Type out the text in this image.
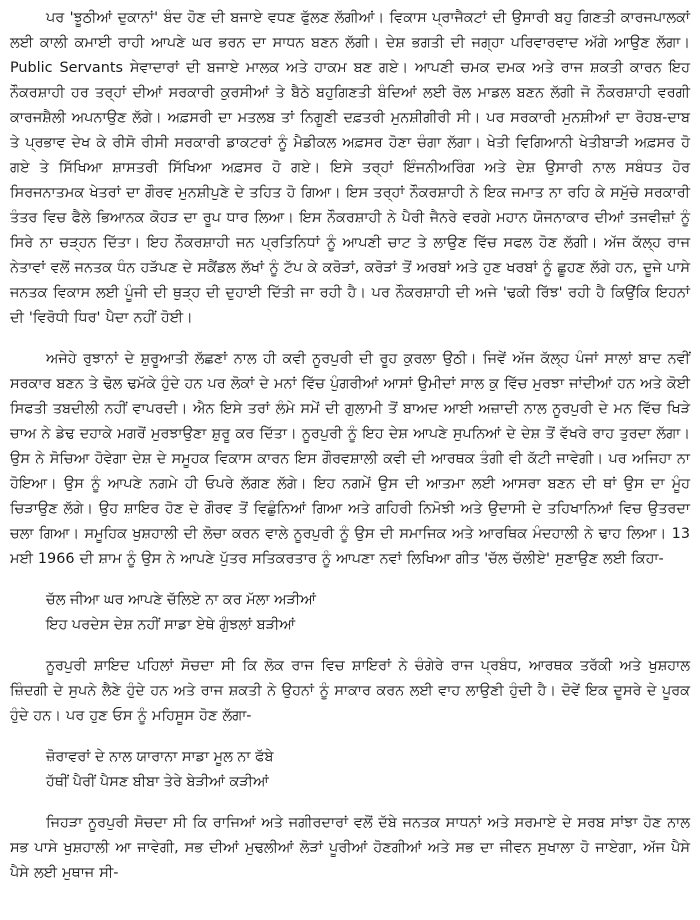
ਪਰ 'ਝੂਠੀਆਂ ਦੁਕਾਨਾਂ' ਬੰਦ ਹੋਣ ਦੀ ਬਜਾਏ ਵਧਣ ਫੁੱਲਣ ਲੱਗੀਆਂ। ਵਿਕਾਸ ਪ੍ਰਾਜੈਕਟਾਂ ਦੀ ਉਸਾਰੀ ਬਹੁ ਗਿਣਤੀ ਕਾਰਜਪਾਲਕਾਂ ਲਈ ਕਾਲੀ ਕਮਾਈ ਰਾਹੀ ਆਪਣੇ ਘਰ ਭਰਨ ਦਾ ਸਾਧਨ ਬਣਨ ਲੱਗੀ। ਦੇਸ਼ ਭਗਤੀ ਦੀ ਜਗ੍ਹਾ ਪਰਿਵਾਰਵਾਦ ਅੱਗੇ ਆਉਣ ਲੱਗਾ। Public Servants ਸੇਵਾਦਾਰਾਂ ਦੀ ਬਜਾਏ ਮਾਲਕ ਅਤੇ ਹਾਕਮ ਬਣ ਗਏ। ਆਪਣੀ ਚਮਕ ਦਮਕ ਅਤੇ ਰਾਜ ਸ਼ਕਤੀ ਕਾਰਨ ਇਹ ਨੌਕਰਸ਼ਾਹੀ ਹਰ ਤਰ੍ਹਾਂ ਦੀਆਂ ਸਰਕਾਰੀ ਕੁਰਸੀਆਂ ਤੇ ਬੈਠੇ ਬਹੁਗਿਣਤੀ ਬੰਦਿਆਂ ਲਈ ਰੋਲ ਮਾਡਲ ਬਣਨ ਲੱਗੀ ਜੋ ਨੌਕਰਸ਼ਾਹੀ ਵਰਗੀ ਕਾਰਜਸ਼ੈਲੀ ਅਪਨਾਉਣ ਲੱਗੇ। ਅਫ਼ਸਰੀ ਦਾ ਮਤਲਬ ਤਾਂ ਨਿਗੂਣੀ ਦਫ਼ਤਰੀ ਮੁਨਸ਼ੀਗੀਰੀ ਸੀ। ਪਰ ਸਰਕਾਰੀ ਮੁਨਸ਼ੀਆਂ ਦਾ ਰੋਹਬ-ਦਾਬ ਤੇ ਪ੍ਰਭਾਵ ਦੇਖ ਕੇ ਰੀਸੋ ਰੀਸੀ ਸਰਕਾਰੀ ਡਾਕਟਰਾਂ ਨੂੰ ਮੈਡੀਕਲ ਅਫ਼ਸਰ ਹੋਣਾ ਚੰਗਾ ਲੱਗਾ। ਖੇਤੀ ਵਿਗਿਆਨੀ ਖੇਤੀਬਾੜੀ ਅਫ਼ਸਰ ਹੋ ਗਏ ਤੇ ਸਿੱਖਿਆ ਸ਼ਾਸਤਰੀ ਸਿੱਖਿਆ ਅਫ਼ਸਰ ਹੋ ਗਏ। ਇਸੇ ਤਰ੍ਹਾਂ ਇੰਜਨੀਅਰਿੰਗ ਅਤੇ ਦੇਸ਼ ਉਸਾਰੀ ਨਾਲ ਸਬੰਧਤ ਹੋਰ ਸਿਰਜਨਾਤਮਕ ਖੇਤਰਾਂ ਦਾ ਗੌਰਵ ਮੁਨਸ਼ੀਪੁਣੇ ਦੇ ਤਹਿਤ ਹੋ ਗਿਆ। ਇਸ ਤਰ੍ਹਾਂ ਨੌਕਰਸ਼ਾਹੀ ਨੇ ਇਕ ਜਮਾਤ ਨਾ ਰਹਿ ਕੇ ਸਮੁੱਚੇ ਸਰਕਾਰੀ ਤੰਤਰ ਵਿਚ ਫੈਲੇ ਭਿਆਨਕ ਕੋਹੜ ਦਾ ਰੂਪ ਧਾਰ ਲਿਆ। ਇਸ ਨੌਕਰਸ਼ਾਹੀ ਨੇ ਪੈਰੀ ਜੈਨਰੇ ਵਰਗੇ ਮਹਾਨ ਯੋਜਨਾਕਾਰ ਦੀਆਂ ਤਜਵੀਜ਼ਾਂ ਨੂੰ ਸਿਰੇ ਨਾ ਚੜ੍ਹਨ ਦਿੱਤਾ। ਇਹ ਨੌਕਰਸ਼ਾਹੀ ਜਨ ਪ੍ਰਤਿਨਿਧਾਂ ਨੂੰ ਆਪਣੀ ਚਾਟ ਤੇ ਲਾਉਣ ਵਿੱਚ ਸਫਲ ਹੋਣ ਲੱਗੀ। ਅੱਜ ਕੱਲ੍ਹ ਰਾਜ ਨੇਤਾਵਾਂ ਵਲੋਂ ਜਨਤਕ ਧੰਨ ਹੜੱਪਣ ਦੇ ਸਕੈਂਡਲ ਲੱਖਾਂ ਨੂੰ ਟੱਪ ਕੇ ਕਰੋੜਾਂ, ਕਰੋੜਾਂ ਤੋਂ ਅਰਬਾਂ ਅਤੇ ਹੁਣ ਖਰਬਾਂ ਨੂੰ ਛੂਹਣ ਲੱਗੇ ਹਨ, ਦੂਜੇ ਪਾਸੇ ਜਨਤਕ ਵਿਕਾਸ ਲਈ ਪੂੰਜੀ ਦੀ ਥੁੜ੍ਹ ਦੀ ਦੁਹਾਈ ਦਿੱਤੀ ਜਾ ਰਹੀ ਹੈ। ਪਰ ਨੌਕਰਸ਼ਾਹੀ ਦੀ ਅਜੇ 'ਢਕੀ ਰਿੱਝ' ਰਹੀ ਹੈ ਕਿਉਂਕਿ ਇਹਨਾਂ ਦੀ 'ਵਿਰੋਧੀ ਧਿਰ' ਪੈਦਾ ਨਹੀਂ ਹੋਈ।

ਅਜੇਹੇ ਰੁਝਾਨਾਂ ਦੇ ਸ਼ੁਰੂਆਤੀ ਲੱਛਣਾਂ ਨਾਲ ਹੀ ਕਵੀ ਨੂਰਪੁਰੀ ਦੀ ਰੂਹ ਕੁਰਲਾ ਉਠੀ। ਜਿਵੇਂ ਅੱਜ ਕੱਲ੍ਹ ਪੰਜਾਂ ਸਾਲਾਂ ਬਾਦ ਨਵੀਂ ਸਰਕਾਰ ਬਣਨ ਤੇ ਢੋਲ ਢਮੱਕੇ ਹੁੰਦੇ ਹਨ ਪਰ ਲੋਕਾਂ ਦੇ ਮਨਾਂ ਵਿੱਚ ਪੁੰਗਰੀਆਂ ਆਸਾਂ ਉਮੀਦਾਂ ਸਾਲ ਕੁ ਵਿੱਚ ਮੁਰਝਾ ਜਾਂਦੀਆਂ ਹਨ ਅਤੇ ਕੋਈ ਸਿਫਤੀ ਤਬਦੀਲੀ ਨਹੀਂ ਵਾਪਰਦੀ। ਐਨ ਇਸੇ ਤਰਾਂ ਲੰਮੇ ਸਮੇਂ ਦੀ ਗੁਲਾਮੀ ਤੋਂ ਬਾਅਦ ਆਈ ਅਜ਼ਾਦੀ ਨਾਲ ਨੂਰਪੁਰੀ ਦੇ ਮਨ ਵਿੱਚ ਖਿੜੇ ਚਾਅ ਨੇ ਡੇਢ ਦਹਾਕੇ ਮਗਰੋਂ ਮੁਰਝਾਉਣਾ ਸ਼ੁਰੂ ਕਰ ਦਿੱਤਾ। ਨੂਰਪੁਰੀ ਨੂੰ ਇਹ ਦੇਸ਼ ਆਪਣੇ ਸੁਪਨਿਆਂ ਦੇ ਦੇਸ਼ ਤੋਂ ਵੱਖਰੇ ਰਾਹ ਤੁਰਦਾ ਲੱਗਾ। ਉਸ ਨੇ ਸੋਚਿਆ ਹੋਵੇਗਾ ਦੇਸ਼ ਦੇ ਸਮੂਹਕ ਵਿਕਾਸ ਕਾਰਨ ਇਸ ਗੌਰਵਸ਼ਾਲੀ ਕਵੀ ਦੀ ਆਰਥਕ ਤੰਗੀ ਵੀ ਕੱਟੀ ਜਾਵੇਗੀ। ਪਰ ਅਜਿਹਾ ਨਾ ਹੋਇਆ। ਉਸ ਨੂੰ ਆਪਣੇ ਨਗਮੇ ਹੀ ਓਪਰੇ ਲੱਗਣ ਲੱਗੇ। ਇਹ ਨਗਮੇਂ ਉਸ ਦੀ ਆਤਮਾ ਲਈ ਆਸਰਾ ਬਣਨ ਦੀ ਥਾਂ ਉਸ ਦਾ ਮੂੰਹ ਚਿੜਾਉਣ ਲੱਗੇ। ਉਹ ਸ਼ਾਇਰ ਹੋਣ ਦੇ ਗੌਰਵ ਤੋਂ ਵਿਛੁੰਨਿਆਂ ਗਿਆ ਅਤੇ ਗਹਿਰੀ ਨਿਮੋਝੀ ਅਤੇ ਉਦਾਸੀ ਦੇ ਤਹਿਖਾਨਿਆਂ ਵਿਚ ਉਤਰਦਾ ਚਲਾ ਗਿਆ। ਸਮੂਹਿਕ ਖੁਸ਼ਹਾਲੀ ਦੀ ਲੋਚਾ ਕਰਨ ਵਾਲੇ ਨੂਰਪੁਰੀ ਨੂੰ ਉਸ ਦੀ ਸਮਾਜਿਕ ਅਤੇ ਆਰਥਿਕ ਮੰਦਹਾਲੀ ਨੇ ਢਾਹ ਲਿਆ। 13 ਮਈ 1966 ਦੀ ਸ਼ਾਮ ਨੂੰ ਉਸ ਨੇ ਆਪਣੇ ਪੁੱਤਰ ਸਤਿਕਰਤਾਰ ਨੂੰ ਆਪਣਾ ਨਵਾਂ ਲਿਖਿਆ ਗੀਤ 'ਚੱਲ ਚੱਲੀਏ' ਸੁਣਾਉਣ ਲਈ ਕਿਹਾ-

ਚੱਲ ਜੀਆ ਘਰ ਆਪਣੇ ਚੱਲਿਏ ਨਾ ਕਰ ਮੱਲਾ ਅੜੀਆਂ
ਇਹ ਪਰਦੇਸ ਦੇਸ਼ ਨਹੀਂ ਸਾਡਾ ਏਥੇ ਗੁੰਝਲਾਂ ਬੜੀਆਂ

ਨੂਰਪੁਰੀ ਸ਼ਾਇਦ ਪਹਿਲਾਂ ਸੋਚਦਾ ਸੀ ਕਿ ਲੋਕ ਰਾਜ ਵਿਚ ਸ਼ਾਇਰਾਂ ਨੇ ਚੰਗੇਰੇ ਰਾਜ ਪ੍ਰਬੰਧ, ਆਰਥਕ ਤਰੱਕੀ ਅਤੇ ਖੁਸ਼ਹਾਲ ਜ਼ਿੰਦਗੀ ਦੇ ਸੁਪਨੇ ਲੈਣੇ ਹੁੰਦੇ ਹਨ ਅਤੇ ਰਾਜ ਸ਼ਕਤੀ ਨੇ ਉਹਨਾਂ ਨੂੰ ਸਾਕਾਰ ਕਰਨ ਲਈ ਵਾਹ ਲਾਉਣੀ ਹੁੰਦੀ ਹੈ। ਦੋਵੇਂ ਇਕ ਦੂਸਰੇ ਦੇ ਪੂਰਕ ਹੁੰਦੇ ਹਨ। ਪਰ ਹੁਣ ਓਸ ਨੂੰ ਮਹਿਸੂਸ ਹੋਣ ਲੱਗਾ-

ਜ਼ੋਰਾਵਰਾਂ ਦੇ ਨਾਲ ਯਾਰਾਨਾ ਸਾਡਾ ਮੂਲ ਨਾ ਫੱਬੇ
ਹੱਥੀਂ ਪੈਰੀਂ ਪੈਸਣ ਬੀਬਾ ਤੇਰੇ ਬੇੜੀਆਂ ਕੜੀਆਂ

ਜਿਹੜਾ ਨੂਰਪੁਰੀ ਸੋਚਦਾ ਸੀ ਕਿ ਰਾਜਿਆਂ ਅਤੇ ਜਗੀਰਦਾਰਾਂ ਵਲੋਂ ਦੱਬੇ ਜਨਤਕ ਸਾਧਨਾਂ ਅਤੇ ਸਰਮਾਏ ਦੇ ਸਰਬ ਸਾਂਝਾ ਹੋਣ ਨਾਲ ਸਭ ਪਾਸੇ ਖੁਸ਼ਹਾਲੀ ਆ ਜਾਵੇਗੀ, ਸਭ ਦੀਆਂ ਮੁਢਲੀਆਂ ਲੋੜਾਂ ਪੂਰੀਆਂ ਹੋਣਗੀਆਂ ਅਤੇ ਸਭ ਦਾ ਜੀਵਨ ਸੁਖਾਲਾ ਹੋ ਜਾਏਗਾ, ਅੱਜ ਪੈਸੇ ਪੈਸੇ ਲਈ ਮੁਥਾਜ ਸੀ-
